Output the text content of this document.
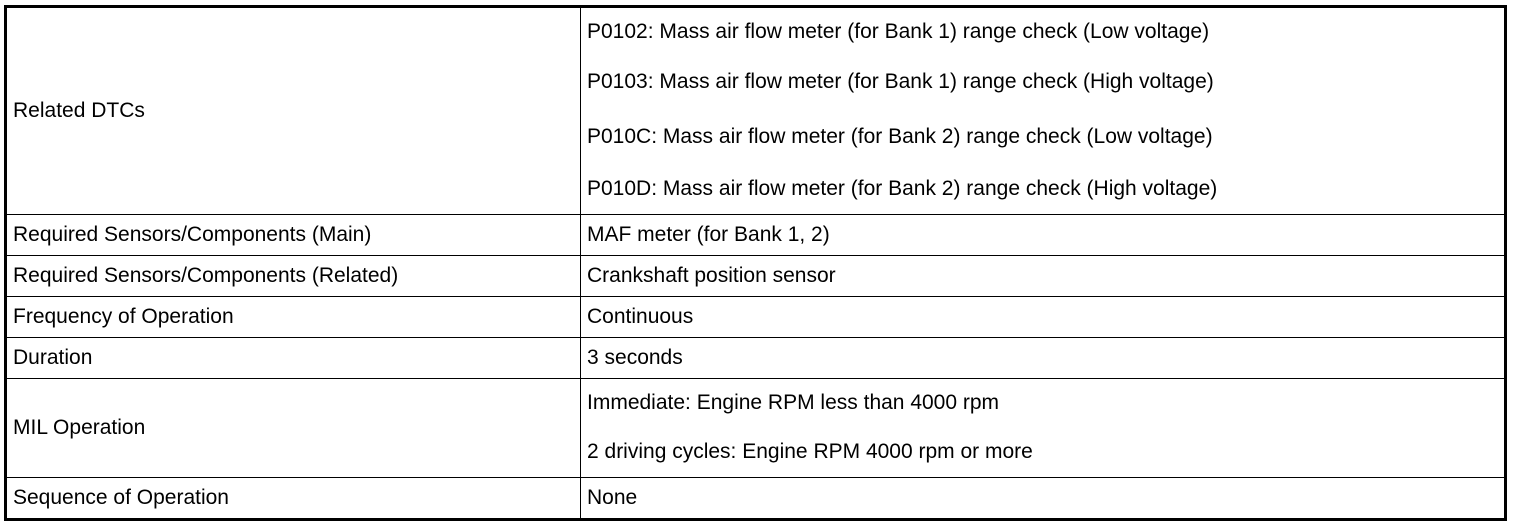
Related DTCs	P0102: Mass air flow meter (for Bank 1) range check (Low voltage)
P0103: Mass air flow meter (for Bank 1) range check (High voltage)
P010C: Mass air flow meter (for Bank 2) range check (Low voltage)
P010D: Mass air flow meter (for Bank 2) range check (High voltage)

Required Sensors/Components (Main)	MAF meter (for Bank 1, 2)
Required Sensors/Components (Related)	Crankshaft position sensor
Frequency of Operation	Continuous
Duration	3 seconds
MIL Operation	Immediate: Engine RPM less than 4000 rpm
2 driving cycles: Engine RPM 4000 rpm or more

Sequence of Operation	None
